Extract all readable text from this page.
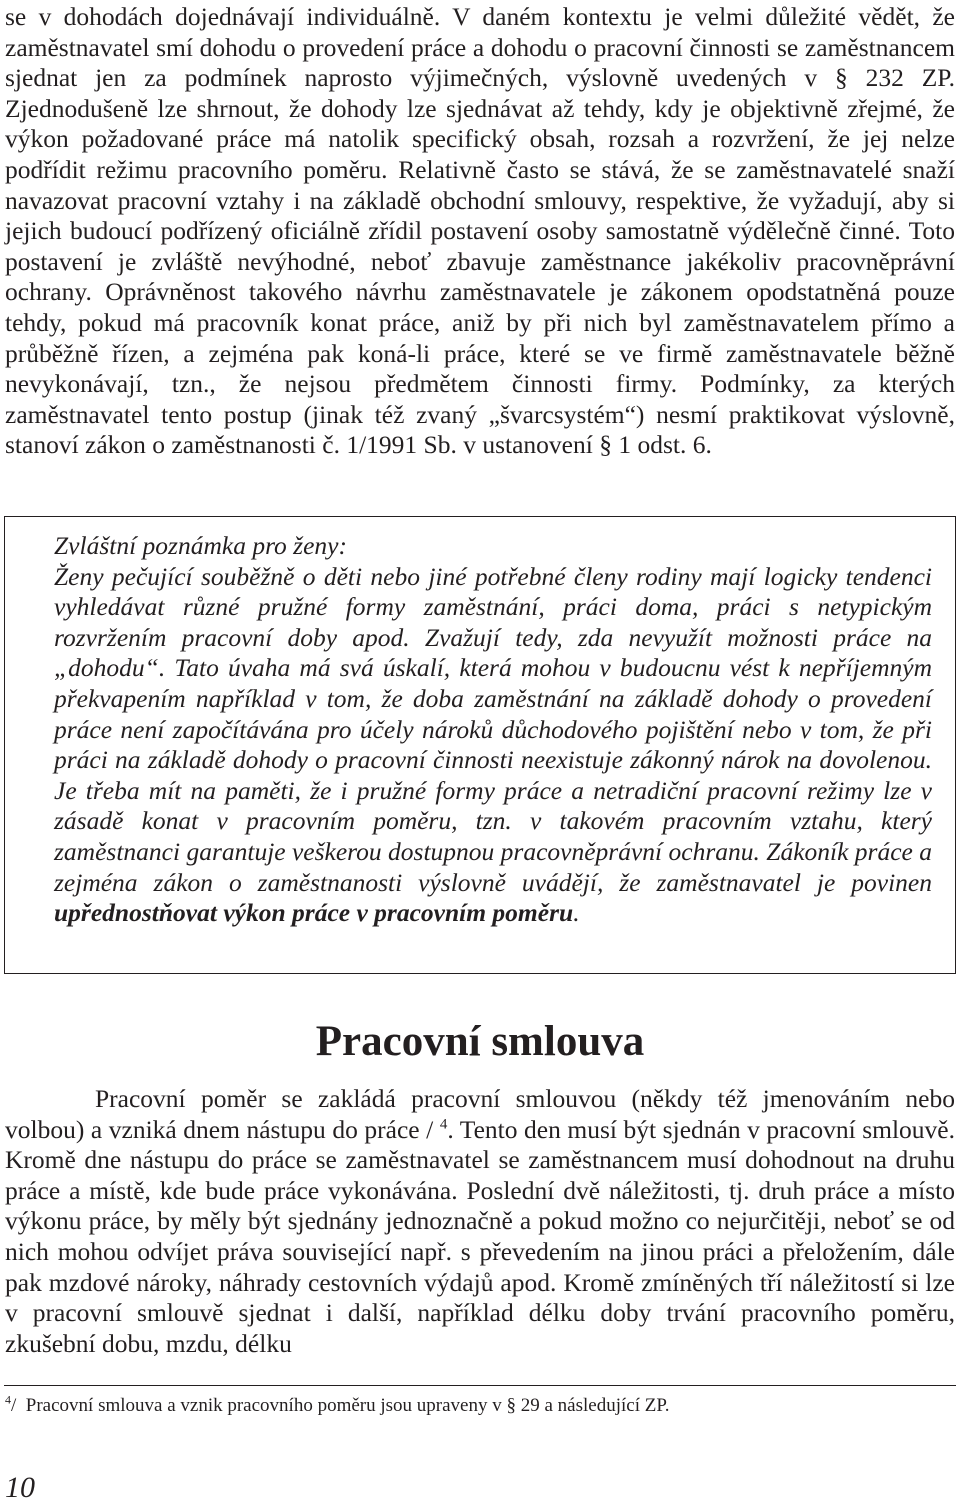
se v dohodách dojednávají individuálně. V daném kontextu je velmi důležité vědět, že zaměstnavatel smí dohodu o provedení práce a dohodu o pracovní činnosti se zaměstnancem sjednat jen za podmínek naprosto výjimečných, výslovně uvedených v § 232 ZP. Zjednodušeně lze shrnout, že dohody lze sjednávat až tehdy, kdy je objektivně zřejmé, že výkon požadované práce má natolik specifický obsah, rozsah a rozvržení, že jej nelze podřídit režimu pracovního poměru. Relativně často se stává, že se zaměstnavatelé snaží navazovat pracovní vztahy i na základě obchodní smlouvy, respektive, že vyžadují, aby si jejich budoucí podřízený oficiálně zřídil postavení osoby samostatně výdělečně činné. Toto postavení je zvláště nevýhodné, neboť zbavuje zaměstnance jakékoliv pracovněprávní ochrany. Oprávněnost takového návrhu zaměstnavatele je zákonem opodstatněná pouze tehdy, pokud má pracovník konat práce, aniž by při nich byl zaměstnavatelem přímo a průběžně řízen, a zejména pak koná-li práce, které se ve firmě zaměstnavatele běžně nevykonávají, tzn., že nejsou předmětem činnosti firmy. Podmínky, za kterých zaměstnavatel tento postup (jinak též zvaný „švarcsystém“) nesmí praktikovat výslovně, stanoví zákon o zaměstnanosti č. 1/1991 Sb. v ustanovení § 1 odst. 6.

Zvláštní poznámka pro ženy:

Ženy pečující souběžně o děti nebo jiné potřebné členy rodiny mají logicky tendenci vyhledávat různé pružné formy zaměstnání, práci doma, práci s netypickým rozvržením pracovní doby apod. Zvažují tedy, zda nevyužít možnosti práce na „dohodu“. Tato úvaha má svá úskalí, která mohou v budoucnu vést k nepříjemným překvapením například v tom, že doba zaměstnání na základě dohody o provedení práce není započítávána pro účely nároků důchodového pojištění nebo v tom, že při práci na základě dohody o pracovní činnosti neexistuje zákonný nárok na dovolenou. Je třeba mít na paměti, že i pružné formy práce a netradiční pracovní režimy lze v zásadě konat v pracovním poměru, tzn. v takovém pracovním vztahu, který zaměstnanci garantuje veškerou dostupnou pracovněprávní ochranu. Zákoník práce a zejména zákon o zaměstnanosti výslovně uvádějí, že zaměstnavatel je povinen upřednostňovat výkon práce v pracovním poměru.

Pracovní smlouva

Pracovní poměr se zakládá pracovní smlouvou (někdy též jmenováním nebo volbou) a vzniká dnem nástupu do práce / $^4$. Tento den musí být sjednán v pracovní smlouvě. Kromě dne nástupu do práce se zaměstnavatel se zaměstnancem musí dohodnout na druhu práce a místě, kde bude práce vykonávána. Poslední dvě náležitosti, tj. druh práce a místo výkonu práce, by měly být sjednány jednoznačně a pokud možno co nejurčitěji, neboť se od nich mohou odvíjet práva související např. s převedením na jinou práci a přeložením, dále pak mzdové nároky, náhrady cestovních výdajů apod. Kromě zmíněných tří náležitostí si lze v pracovní smlouvě sjednat i další, například délku doby trvání pracovního poměru, zkušební dobu, mzdu, délku

$^4$/ Pracovní smlouva a vznik pracovního poměru jsou upraveny v § 29 a následující ZP.

10
